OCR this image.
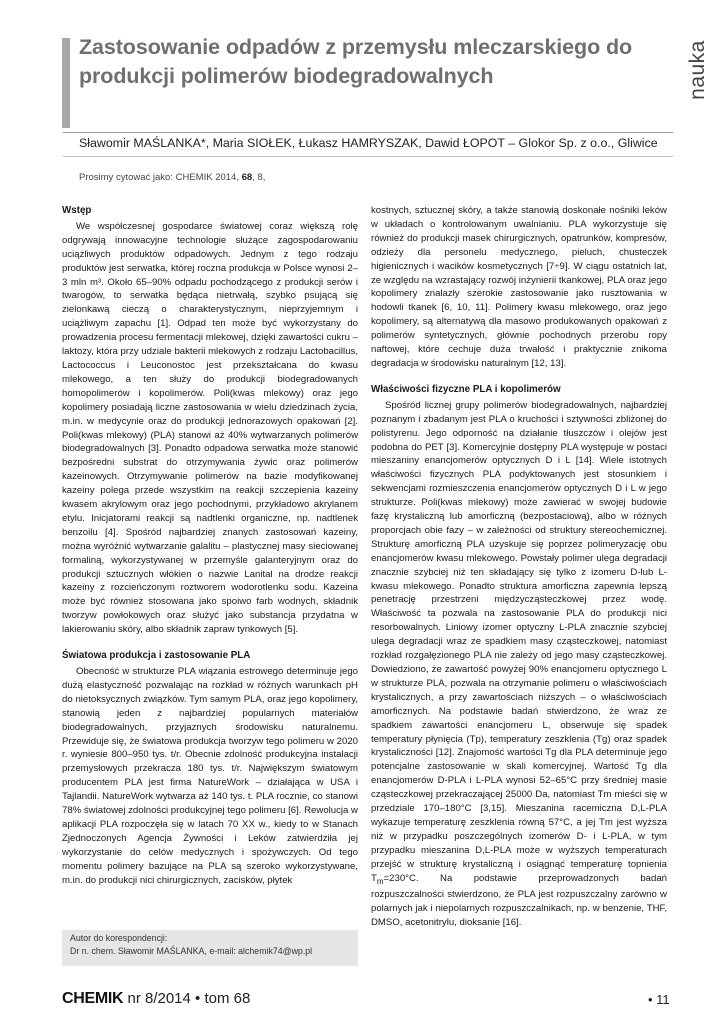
Zastosowanie odpadów z przemysłu mleczarskiego do produkcji polimerów biodegradowalnych	nauka
Sławomir MAŚLANKA*, Maria SIOŁEK, Łukasz HAMRYSZAK, Dawid ŁOPOT – Glokor Sp. z o.o., Gliwice
Prosimy cytować jako: CHEMIK 2014, 68, 8,
Wstęp

We współczesnej gospodarce światowej coraz większą rolę odgrywają innowacyjne technologie służące zagospodarowaniu uciążliwych produktów odpadowych. Jednym z tego rodzaju produktów jest serwatka, której roczna produkcja w Polsce wynosi 2–3 mln m³. Około 65–90% odpadu pochodzącego z produkcji serów i twarogów, to serwatka będąca nietrwałą, szybko psującą się zielonkawą cieczą o charakterystycznym, nieprzyjemnym i uciążliwym zapachu [1]. Odpad ten może być wykorzystany do prowadzenia procesu fermentacji mlekowej, dzięki zawartości cukru – laktozy, która przy udziale bakterii mlekowych z rodzaju Lactobacillus, Lactococcus i Leuconostoc jest przekształcana do kwasu mlekowego, a ten służy do produkcji biodegradowanych homopolimerów i kopolimerów. Poli(kwas mlekowy) oraz jego kopolimery posiadają liczne zastosowania w wielu dziedzinach życia, m.in. w medycynie oraz do produkcji jednorazowych opakowań [2]. Poli(kwas mlekowy) (PLA) stanowi aż 40% wytwarzanych polimerów biodegradowalnych [3]. Ponadto odpadowa serwatka może stanowić bezpośredni substrat do otrzymywania żywic oraz polimerów kazeinowych. Otrzymywanie polimerów na bazie modyfikowanej kazeiny polega przede wszystkim na reakcji szczepienia kazeiny kwasem akrylowym oraz jego pochodnymi, przykładowo akrylanem etylu. Inicjatorami reakcji są nadtlenki organiczne, np. nadtlenek benzoilu [4]. Spośród najbardziej znanych zastosowań kazeiny, można wyróżnić wytwarzanie galalitu – plastycznej masy sieciowanej formaliną, wykorzystywanej w przemyśle galanteryjnym oraz do produkcji sztucznych włókien o nazwie Lanital na drodze reakcji kazeiny z rozcieńczonym roztworem wodorotlenku sodu. Kazeina może być również stosowana jako spoiwo farb wodnych, składnik tworzyw powłokowych oraz służyć jako substancja przydatna w lakierowaniu skóry, albo składnik zapraw tynkowych [5].

Światowa produkcja i zastosowanie PLA

Obecność w strukturze PLA wiązania estrowego determinuje jego dużą elastyczność pozwalając na rozkład w różnych warunkach pH do nietoksycznych związków. Tym samym PLA, oraz jego kopolimery, stanowią jeden z najbardziej popularnych materiałów biodegradowalnych, przyjaznych środowisku naturalnemu. Przewiduje się, że światowa produkcja tworzyw tego polimeru w 2020 r. wyniesie 800–950 tys. t/r. Obecnie zdolność produkcyjna instalacji przemysłowych przekracza 180 tys. t/r. Największym światowym producentem PLA jest firma NatureWork – działająca w USA i Tajlandii. NatureWork wytwarza aż 140 tys. t. PLA rocznie, co stanowi 78% światowej zdolności produkcyjnej tego polimeru [6]. Rewolucja w aplikacji PLA rozpoczęła się w latach 70 XX w., kiedy to w Stanach Zjednoczonych Agencja Żywności i Leków zatwierdziła jej wykorzystanie do celów medycznych i spożywczych. Od tego momentu polimery bazujące na PLA są szeroko wykorzystywane, m.in. do produkcji nici chirurgicznych, zacisków, płytek

kostnych, sztucznej skóry, a także stanowią doskonałe nośniki leków w układach o kontrolowanym uwalnianiu. PLA wykorzystuje się również do produkcji masek chirurgicznych, opatrunków, kompresów, odzieży dla personelu medycznego, pieluch, chusteczek higienicznych i wacików kosmetycznych [7÷9]. W ciągu ostatnich lat, ze względu na wzrastający rozwój inżynierii tkankowej, PLA oraz jego kopolimery znalazły szerokie zastosowanie jako rusztowania w hodowli tkanek [6, 10, 11]. Polimery kwasu mlekowego, oraz jego kopolimery, są alternatywą dla masowo produkowanych opakowań z polimerów syntetycznych, głównie pochodnych przerobu ropy naftowej, które cechuje duża trwałość i praktycznie znikoma degradacja w środowisku naturalnym [12, 13].

Właściwości fizyczne PLA i kopolimerów

Spośród licznej grupy polimerów biodegradowalnych, najbardziej poznanym i zbadanym jest PLA o kruchości i sztywności zbliżonej do polistyrenu. Jego odporność na działanie tłuszczów i olejów jest podobna do PET [3]. Komercyjnie dostępny PLA występuje w postaci mieszaniny enancjomerów optycznych D i L [14]. Wiele istotnych właściwości fizycznych PLA podyktowanych jest stosunkiem i sekwencjami rozmieszczenia enancjomerów optycznych D i L w jego strukturze. Poli(kwas mlekowy) może zawierać w swojej budowie fazę krystaliczną lub amorficzną (bezpostaciową), albo w różnych proporcjach obie fazy – w zależności od struktury stereochemicznej. Strukturę amorficzną PLA uzyskuje się poprzez polimeryzację obu enancjomerów kwasu mlekowego. Powstały polimer ulega degradacji znacznie szybciej niż ten składający się tylko z izomeru D-lub L- kwasu mlekowego. Ponadto struktura amorficzna zapewnia lepszą penetrację przestrzeni międzycząsteczkowej przez wodę. Właściwość ta pozwala na zastosowanie PLA do produkcji nici resorbowalnych. Liniowy izomer optyczny L-PLA znacznie szybciej ulega degradacji wraz ze spadkiem masy cząsteczkowej, natomiast rozkład rozgałęzionego PLA nie zależy od jego masy cząsteczkowej. Dowiedziono, że zawartość powyżej 90% enancjomeru optycznego L w strukturze PLA, pozwala na otrzymanie polimeru o właściwościach krystalicznych, a przy zawartościach niższych – o właściwościach amorficznych. Na podstawie badań stwierdzono, że wraz ze spadkiem zawartości enancjomeru L, obserwuje się spadek temperatury płynięcia (Tp), temperatury zeszklenia (Tg) oraz spadek krystaliczności [12]. Znajomość wartości Tg dla PLA determinuje jego potencjalne zastosowanie w skali komercyjnej. Wartość Tg dla enancjomerów D-PLA i L-PLA wynosi 52–65°C przy średniej masie cząsteczkowej przekraczającej 25000 Da, natomiast Tm mieści się w przedziale 170–180°C [3,15]. Mieszanina racemiczna D,L-PLA wykazuje temperaturę zeszklenia równą 57°C, a jej Tm jest wyższa niż w przypadku poszczególnych izomerów D- i L-PLA, w tym przypadku mieszanina D,L-PLA może w wyższych temperaturach przejść w strukturę krystaliczną i osiągnąć temperaturę topnienia $T_m=230^\circ C$. Na podstawie przeprowadzonych badań rozpuszczalności stwierdzono, że PLA jest rozpuszczalny zarówno w polarnych jak i niepolarnych rozpuszczalnikach, np. w benzenie, THF, DMSO, acetonitrylu, dioksanie [16].

Autor do korespondencji:
Dr n. chem. Sławomir MAŚLANKA, e-mail: alchemik74@wp.pl
CHEMIK nr 8/2014 • tom 68	• 11
